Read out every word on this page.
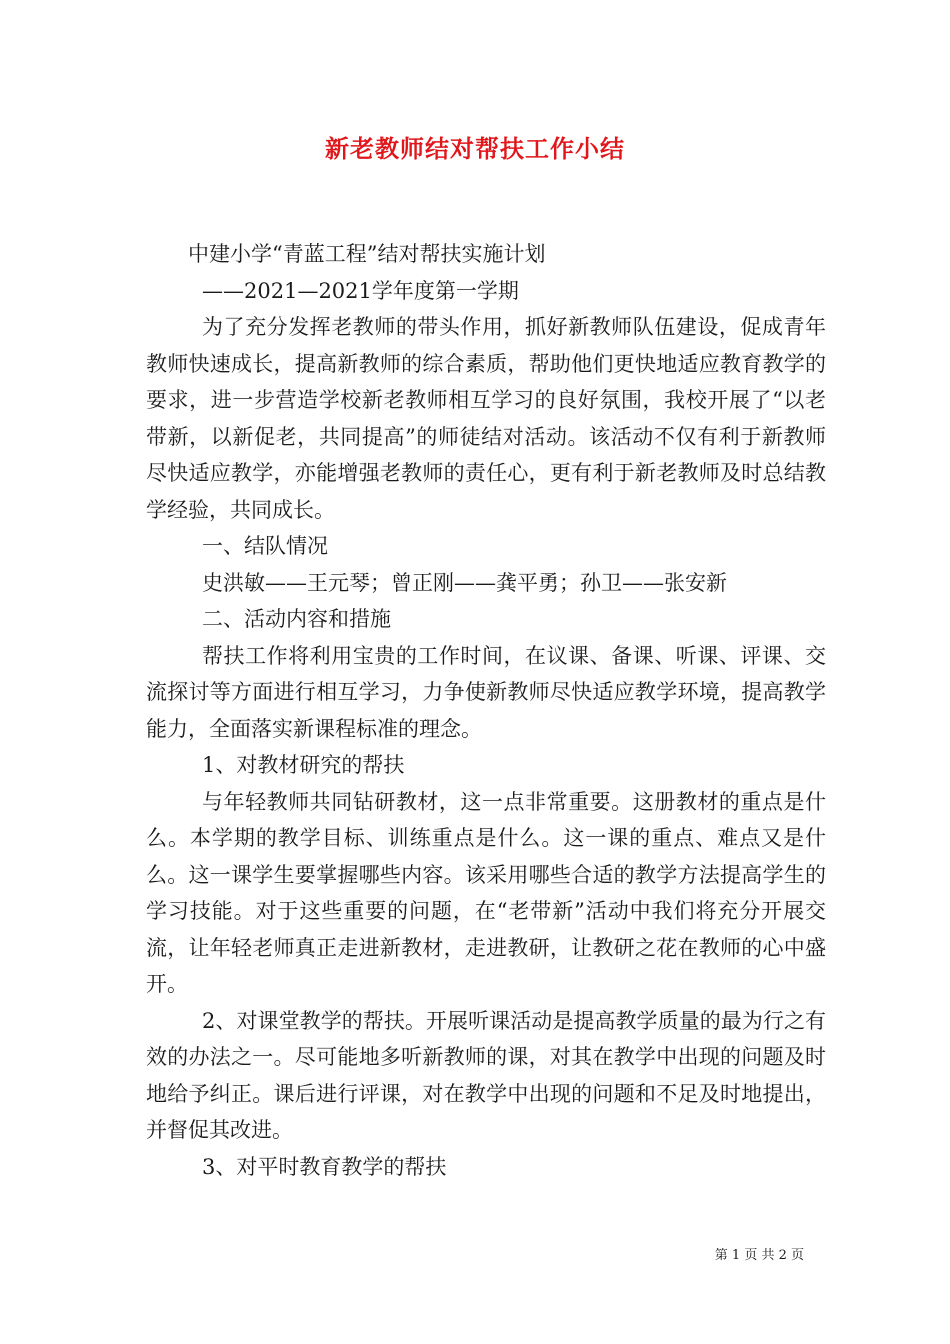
新老教师结对帮扶工作小结

中建小学“青蓝工程”结对帮扶实施计划

——2021—2021学年度第一学期

为了充分发挥老教师的带头作用，抓好新教师队伍建设，促成青年教师快速成长，提高新教师的综合素质，帮助他们更快地适应教育教学的要求，进一步营造学校新老教师相互学习的良好氛围，我校开展了“以老带新，以新促老，共同提高”的师徒结对活动。该活动不仅有利于新教师尽快适应教学，亦能增强老教师的责任心，更有利于新老教师及时总结教学经验，共同成长。

一、结队情况

史洪敏——王元琴；曾正刚——龚平勇；孙卫——张安新

二、活动内容和措施

帮扶工作将利用宝贵的工作时间，在议课、备课、听课、评课、交流探讨等方面进行相互学习，力争使新教师尽快适应教学环境，提高教学能力，全面落实新课程标准的理念。

1、对教材研究的帮扶

与年轻教师共同钻研教材，这一点非常重要。这册教材的重点是什么。本学期的教学目标、训练重点是什么。这一课的重点、难点又是什么。这一课学生要掌握哪些内容。该采用哪些合适的教学方法提高学生的学习技能。对于这些重要的问题，在“老带新”活动中我们将充分开展交流，让年轻老师真正走进新教材，走进教研，让教研之花在教师的心中盛开。

2、对课堂教学的帮扶。开展听课活动是提高教学质量的最为行之有效的办法之一。尽可能地多听新教师的课，对其在教学中出现的问题及时地给予纠正。课后进行评课，对在教学中出现的问题和不足及时地提出，并督促其改进。

3、对平时教育教学的帮扶

第 1 页 共 2 页
